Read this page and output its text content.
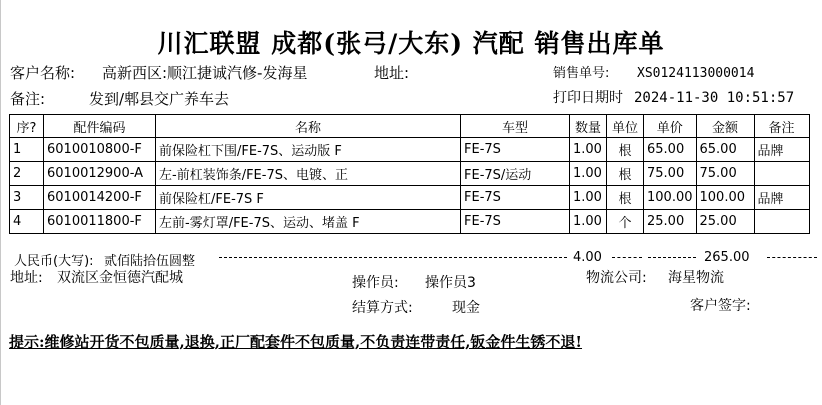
川汇联盟 成都(张弓/大东) 汽配 销售出库单
客户名称: 高新西区:顺江捷诚汽修-发海星	地址:	销售单号: XS0124113000014
备注:	发到/郫县交广养车去	打印日期时 2024-11-30 10:51:57
序?	配件编码	名称	车型	数量	单位	单价	金额	备注
1	6010010800-F	前保险杠下围/FE-7S、运动版 F	FE-7S	1.00	根	65.00	65.00	品牌
2	6010012900-A	左-前杠装饰条/FE-7S、电镀、正	FE-7S/运动	1.00	根	75.00	75.00	
3	6010014200-F	前保险杠/FE-7S F	FE-7S	1.00	根	100.00	100.00	品牌
4	6010011800-F	左前-雾灯罩/FE-7S、运动、堵盖 F	FE-7S	1.00	个	25.00	25.00	
人民币(大写): 贰佰陆拾伍圆整	4.00	265.00
地址: 双流区金恒德汽配城	操作员: 操作员3	物流公司: 海星物流
结算方式:	现金	客户签字:
提示:维修站开货不包质量,退换,正厂配套件不包质量,不负责连带责任,钣金件生锈不退!
